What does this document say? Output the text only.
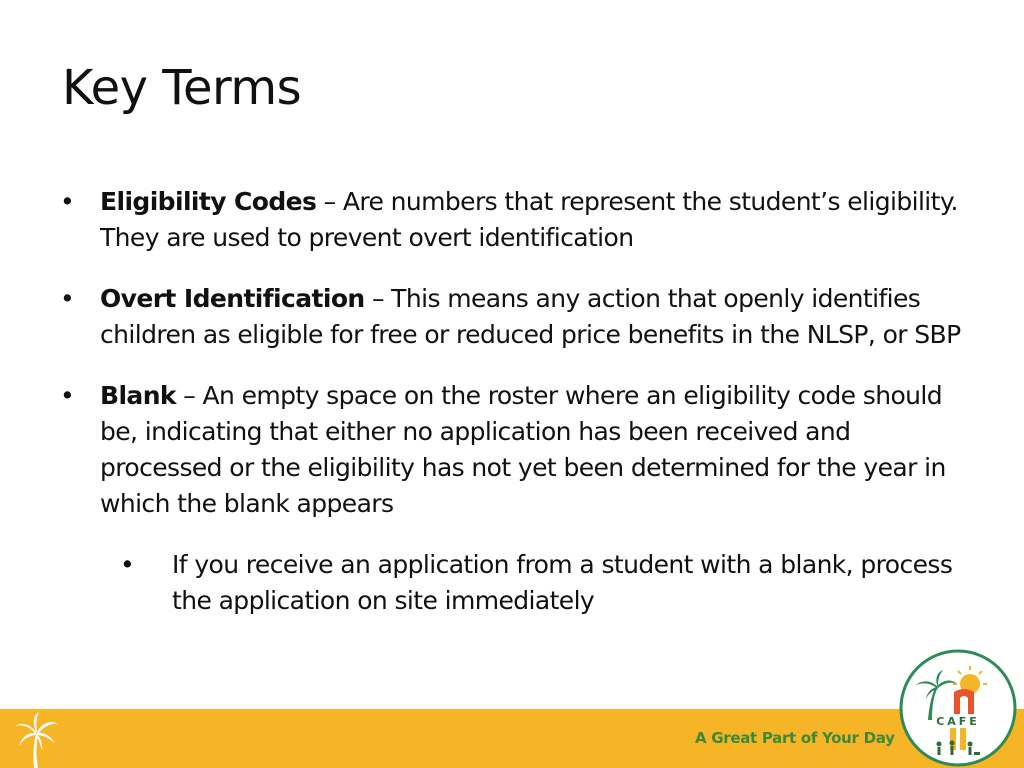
Key Terms
• Eligibility Codes – Are numbers that represent the student’s eligibility. They are used to prevent overt identification
• Overt Identification – This means any action that openly identifies children as eligible for free or reduced price benefits in the NLSP, or SBP
• Blank – An empty space on the roster where an eligibility code should be, indicating that either no application has been received and processed or the eligibility has not yet been determined for the year in which the blank appears
• If you receive an application from a student with a blank, process the application on site immediately
A Great Part of Your Day
CAFE
